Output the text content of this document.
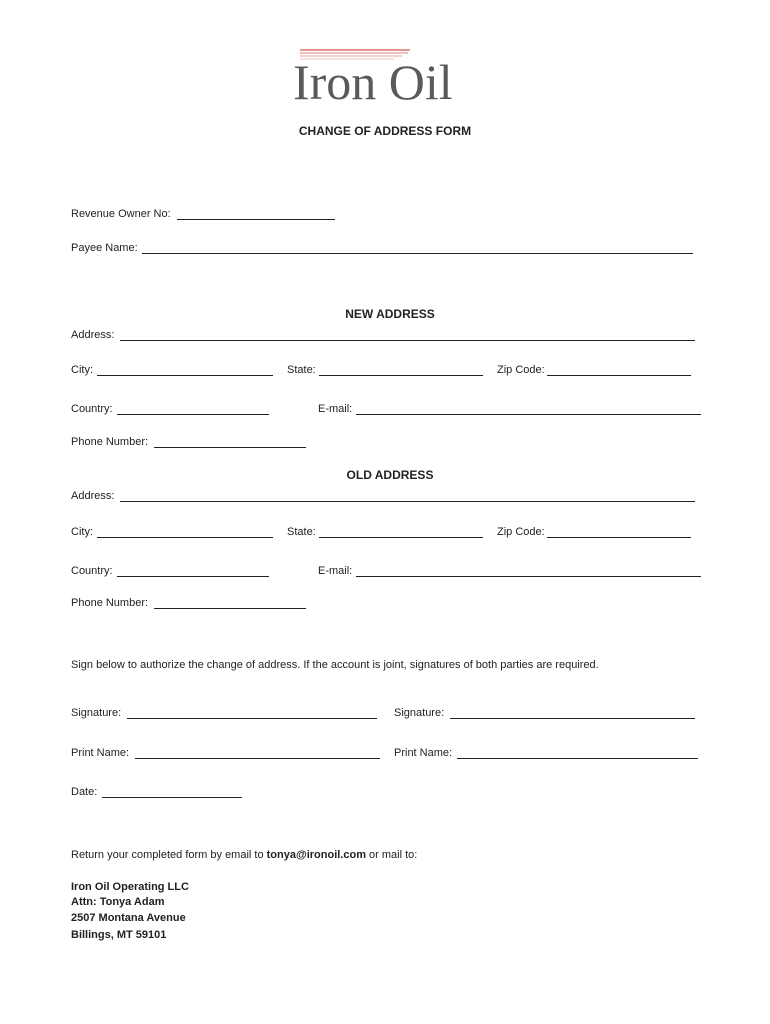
Iron Oil
CHANGE OF ADDRESS FORM
Revenue Owner No:
Payee Name:
NEW ADDRESS
Address:
City:	State:	Zip Code:
Country:	E-mail:
Phone Number:
OLD ADDRESS
Address:
City:	State:	Zip Code:
Country:	E-mail:
Phone Number:
Sign below to authorize the change of address. If the account is joint, signatures of both parties are required.
Signature:	Signature:
Print Name:	Print Name:
Date:
Return your completed form by email to tonya@ironoil.com or mail to:
Iron Oil Operating LLC
Attn: Tonya Adam
2507 Montana Avenue
Billings, MT 59101
